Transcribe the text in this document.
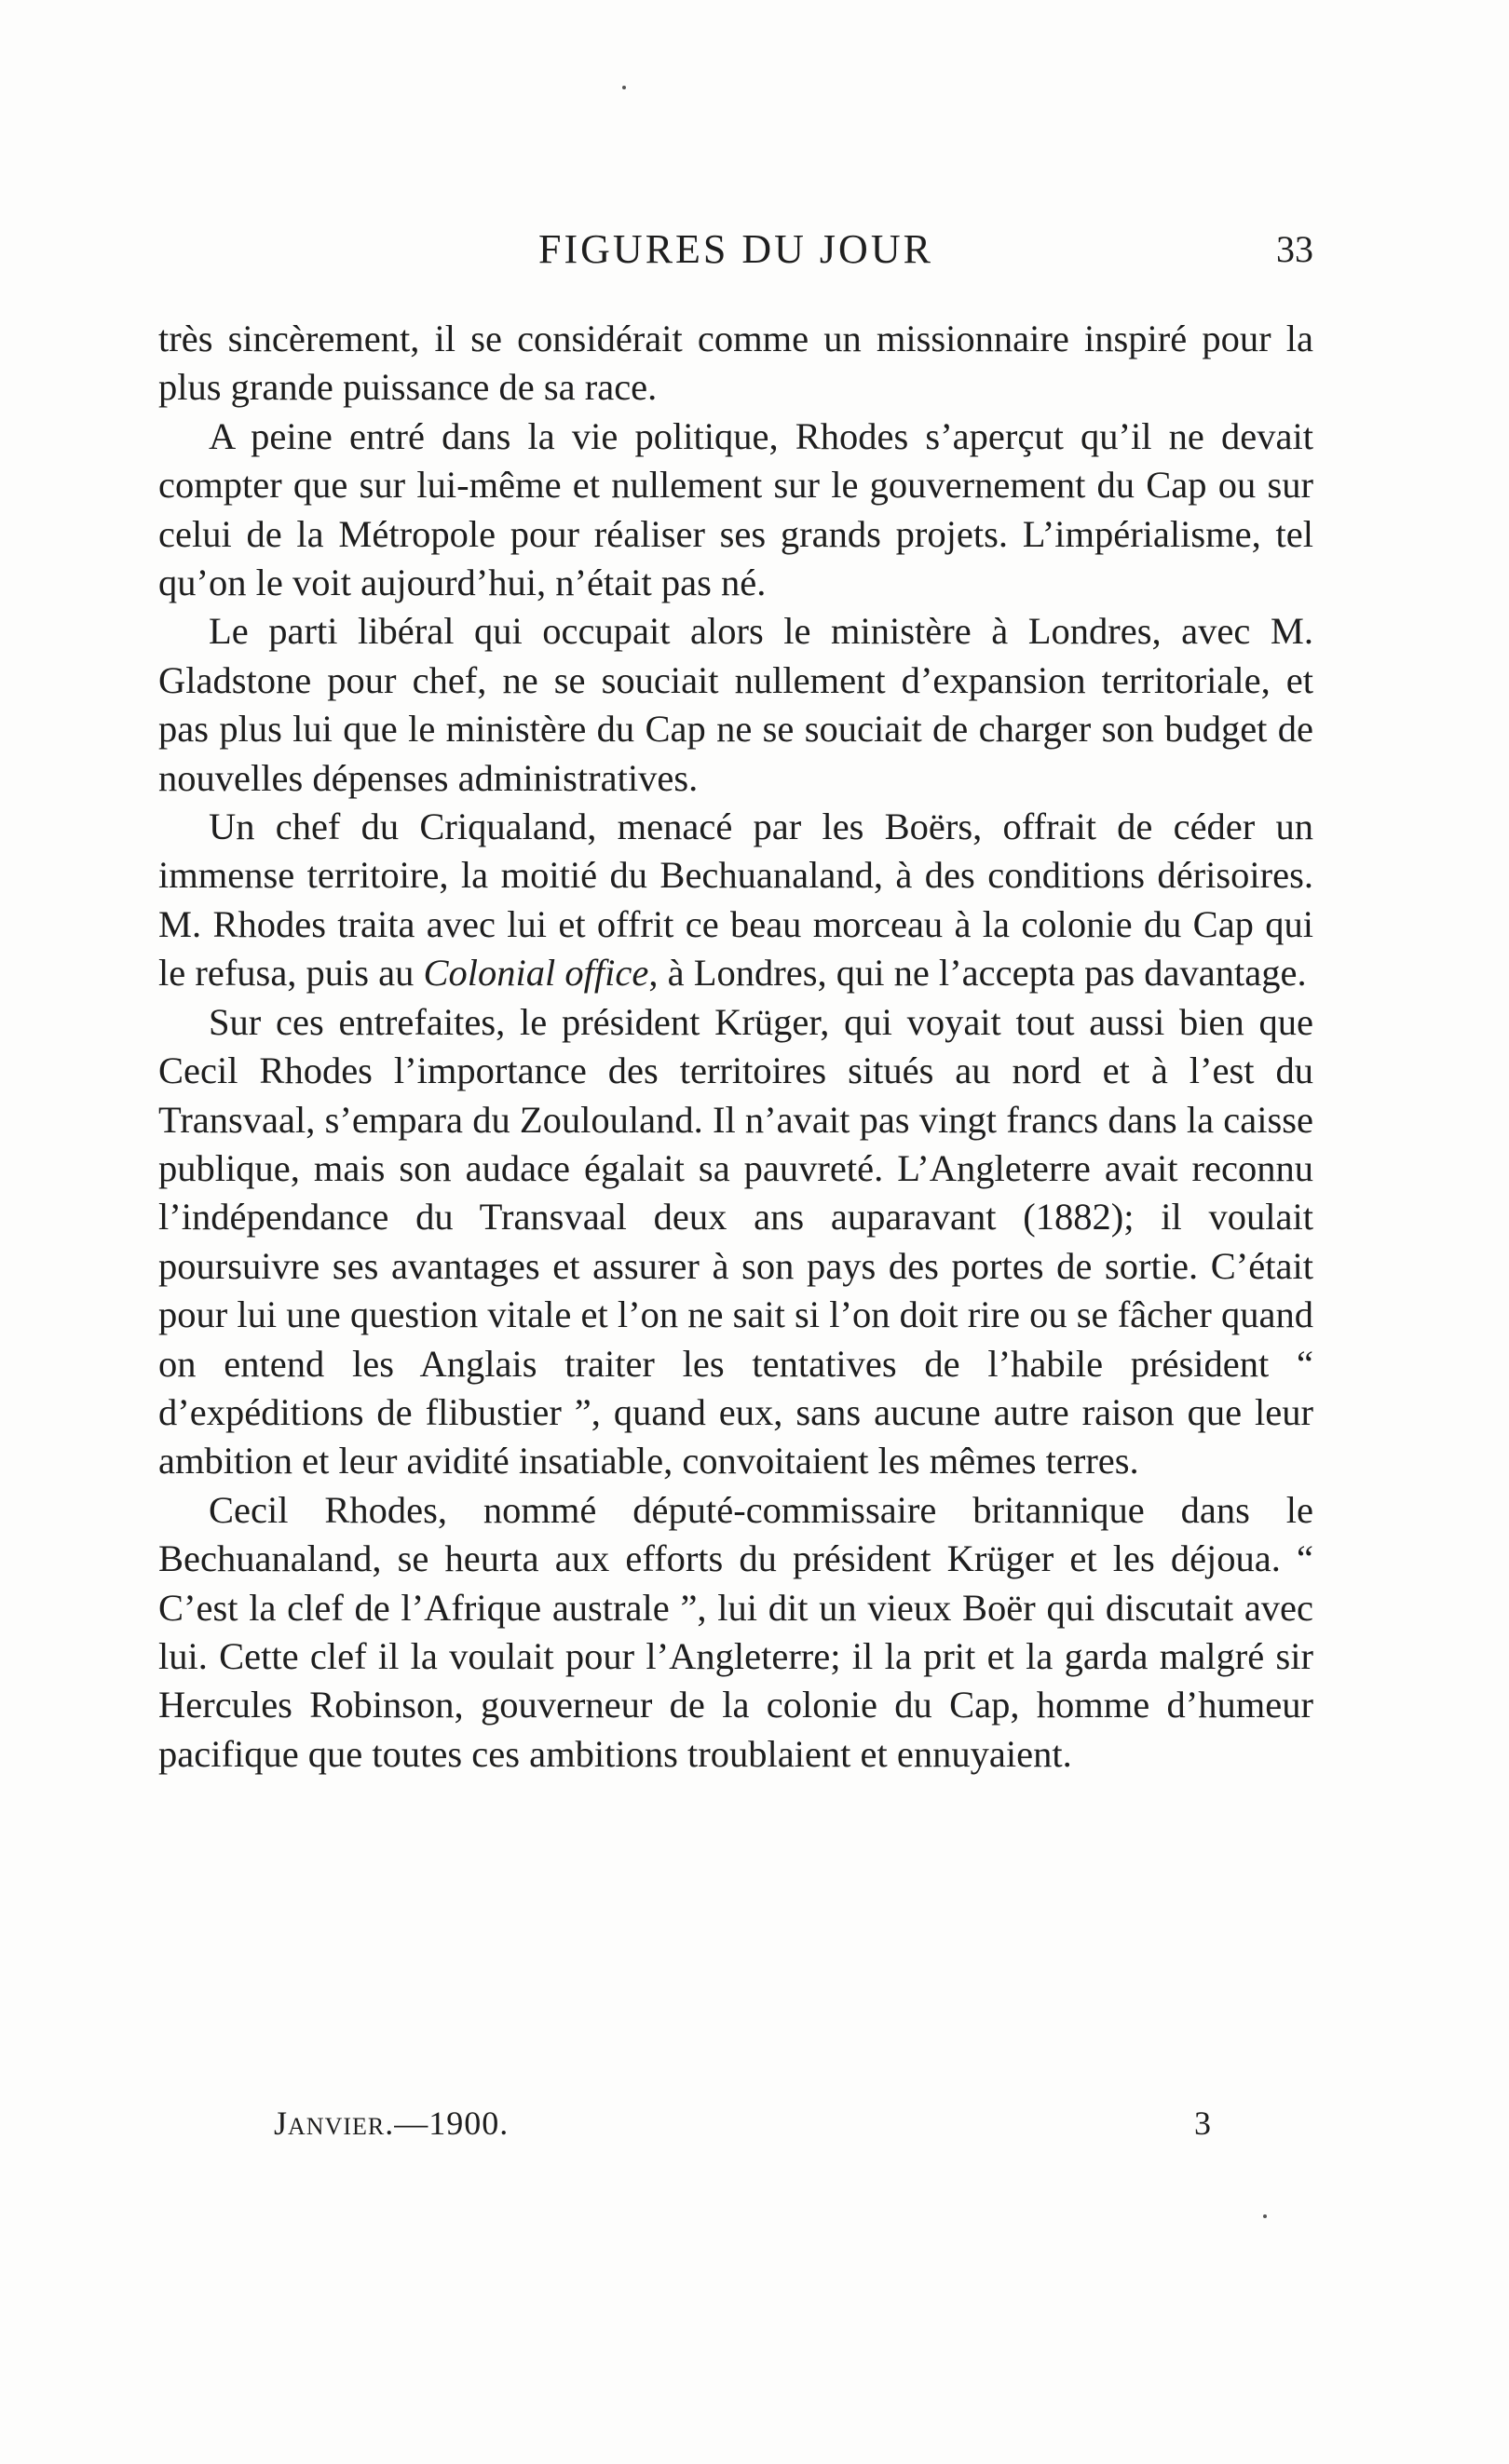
FIGURES DU JOUR	33

très sincèrement, il se considérait comme un missionnaire inspiré pour la plus grande puissance de sa race.

A peine entré dans la vie politique, Rhodes s’aperçut qu’il ne devait compter que sur lui-même et nullement sur le gouvernement du Cap ou sur celui de la Métropole pour réaliser ses grands projets. L’impérialisme, tel qu’on le voit aujourd’hui, n’était pas né.

Le parti libéral qui occupait alors le ministère à Londres, avec M. Gladstone pour chef, ne se souciait nullement d’expansion territoriale, et pas plus lui que le ministère du Cap ne se souciait de charger son budget de nouvelles dépenses administratives.

Un chef du Criqualand, menacé par les Boërs, offrait de céder un immense territoire, la moitié du Bechuanaland, à des conditions dérisoires. M. Rhodes traita avec lui et offrit ce beau morceau à la colonie du Cap qui le refusa, puis au Colonial office, à Londres, qui ne l’accepta pas davantage.

Sur ces entrefaites, le président Krüger, qui voyait tout aussi bien que Cecil Rhodes l’importance des territoires situés au nord et à l’est du Transvaal, s’empara du Zoulouland. Il n’avait pas vingt francs dans la caisse publique, mais son audace égalait sa pauvreté. L’Angleterre avait reconnu l’indépendance du Transvaal deux ans auparavant (1882); il voulait poursuivre ses avantages et assurer à son pays des portes de sortie. C’était pour lui une question vitale et l’on ne sait si l’on doit rire ou se fâcher quand on entend les Anglais traiter les tentatives de l’habile président “ d’expéditions de flibustier ”, quand eux, sans aucune autre raison que leur ambition et leur avidité insatiable, convoitaient les mêmes terres.

Cecil Rhodes, nommé député-commissaire britannique dans le Bechuanaland, se heurta aux efforts du président Krüger et les déjoua. “ C’est la clef de l’Afrique australe ”, lui dit un vieux Boër qui discutait avec lui. Cette clef il la voulait pour l’Angleterre; il la prit et la garda malgré sir Hercules Robinson, gouverneur de la colonie du Cap, homme d’humeur pacifique que toutes ces ambitions troublaient et ennuyaient.

JANVIER.—1900.	3
